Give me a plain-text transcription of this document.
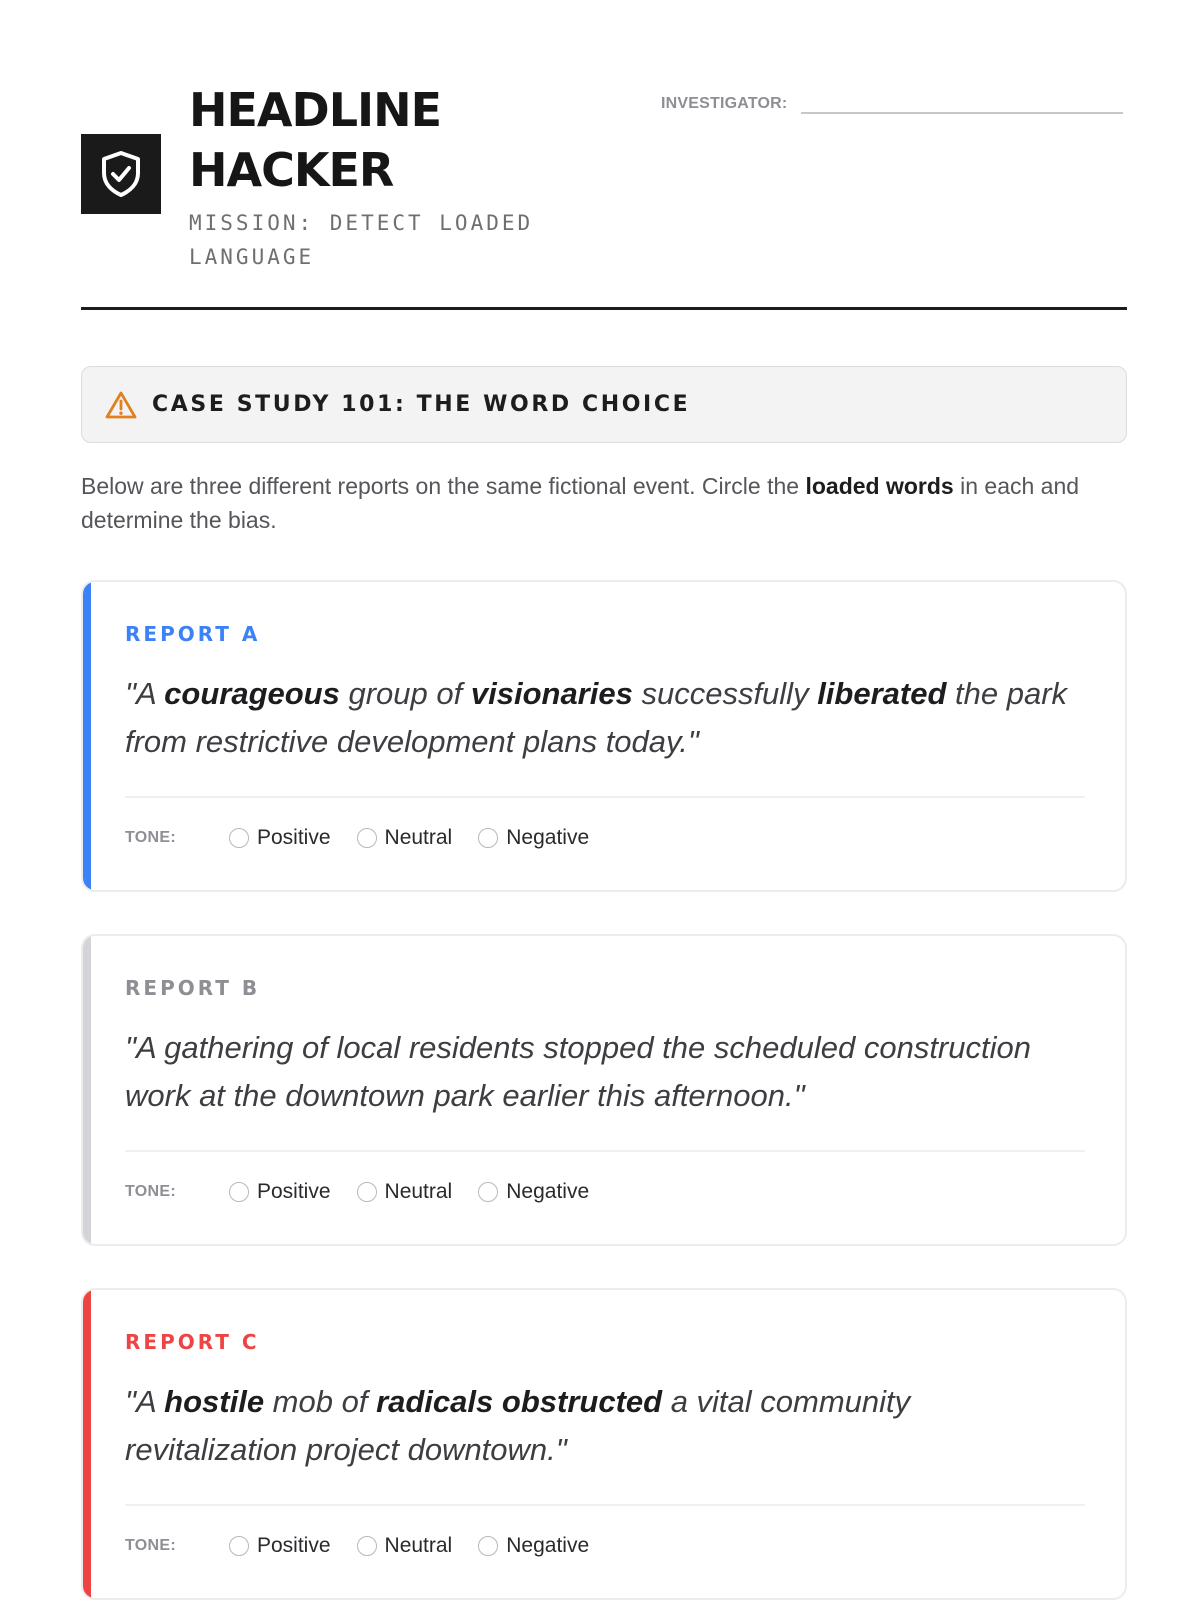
HEADLINE
HACKER
MISSION: DETECT LOADED LANGUAGE
INVESTIGATOR:
CASE STUDY 101: THE WORD CHOICE

Below are three different reports on the same fictional event. Circle the loaded words in each and determine the bias.

REPORT A
"A courageous group of visionaries successfully liberated the park from restrictive development plans today."
TONE:	Positive	Neutral	Negative
REPORT B
"A gathering of local residents stopped the scheduled construction work at the downtown park earlier this afternoon."
TONE:	Positive	Neutral	Negative
REPORT C
"A hostile mob of radicals obstructed a vital community revitalization project downtown."
TONE:	Positive	Neutral	Negative
